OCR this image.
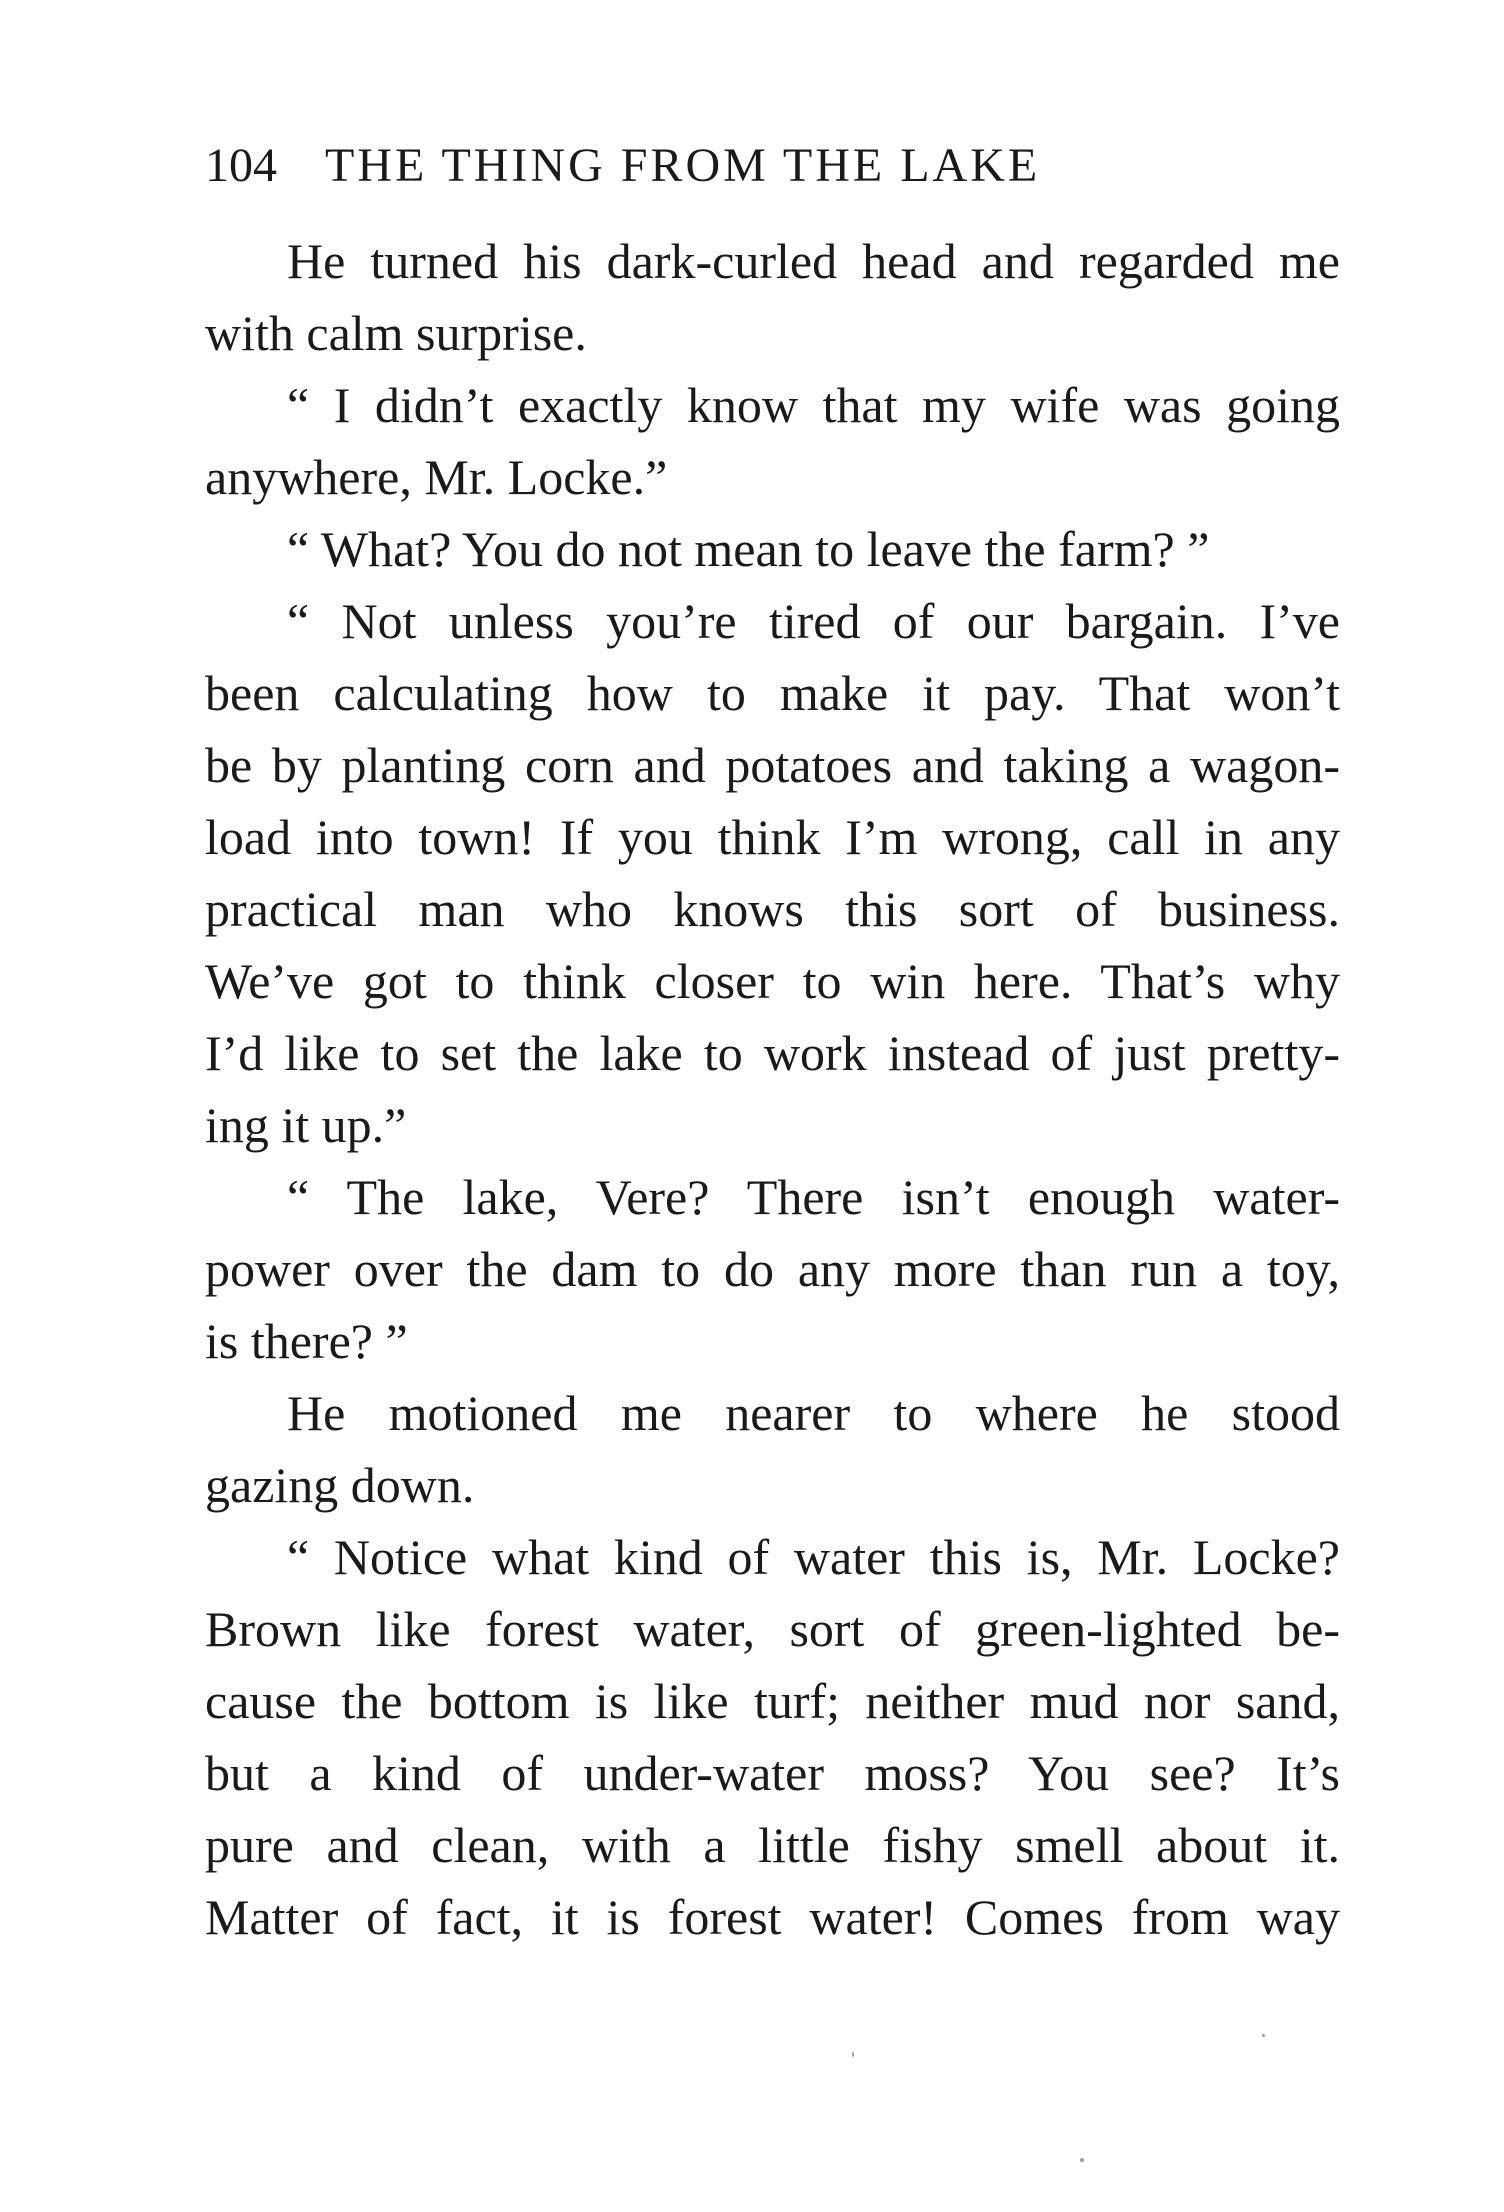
104 THE THING FROM THE LAKE
He turned his dark-curled head and regarded me
with calm surprise.
“ I didn’t exactly know that my wife was going
anywhere, Mr. Locke.”
“ What? You do not mean to leave the farm? ”
“ Not unless you’re tired of our bargain. I’ve
been calculating how to make it pay. That won’t
be by planting corn and potatoes and taking a wagon-
load into town! If you think I’m wrong, call in any
practical man who knows this sort of business.
We’ve got to think closer to win here. That’s why
I’d like to set the lake to work instead of just pretty-
ing it up.”
“ The lake, Vere? There isn’t enough water-
power over the dam to do any more than run a toy,
is there? ”
He motioned me nearer to where he stood
gazing down.
“ Notice what kind of water this is, Mr. Locke?
Brown like forest water, sort of green-lighted be-
cause the bottom is like turf; neither mud nor sand,
but a kind of under-water moss? You see? It’s
pure and clean, with a little fishy smell about it.
Matter of fact, it is forest water! Comes from way
